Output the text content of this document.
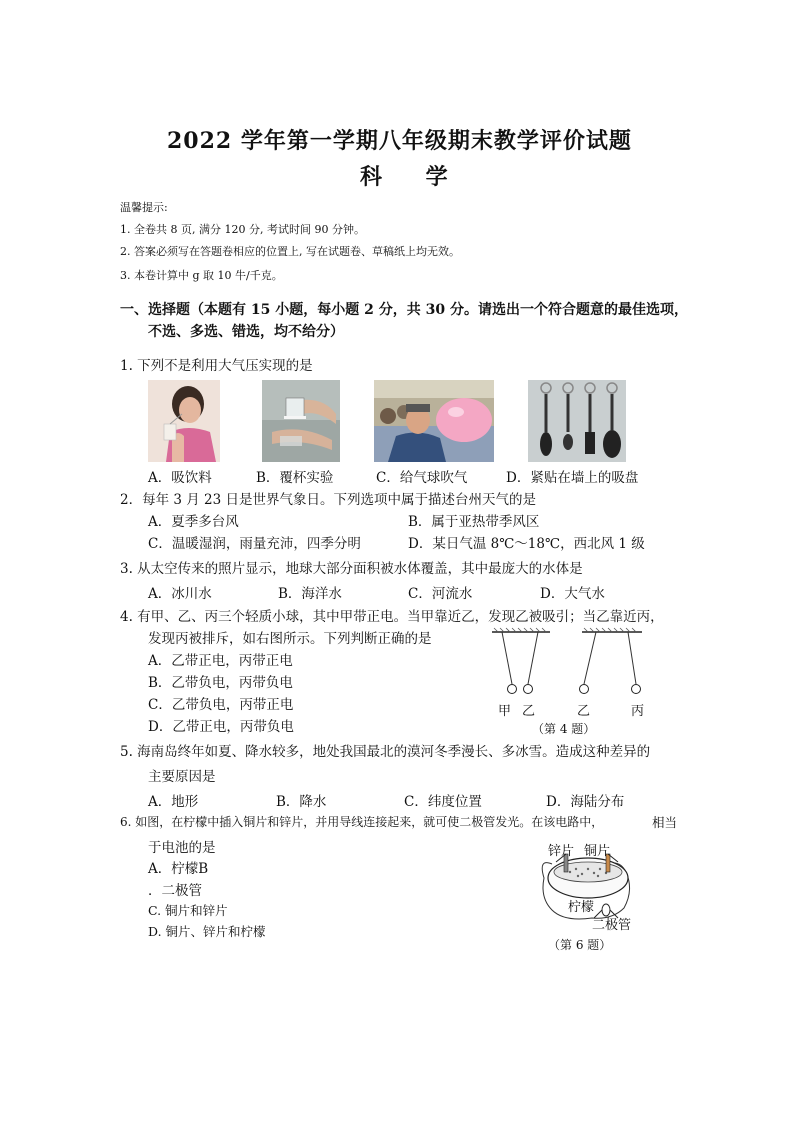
2022 学年第一学期八年级期末教学评价试题
科 学
温馨提示:
1. 全卷共 8 页, 满分 120 分, 考试时间 90 分钟。
2. 答案必须写在答题卷相应的位置上, 写在试题卷、草稿纸上均无效。
3. 本卷计算中 g 取 10 牛/千克。
一、选择题（本题有 15 小题，每小题 2 分，共 30 分。请选出一个符合题意的最佳选项，
不选、多选、错选，均不给分）
1. 下列不是利用大气压实现的是
A．吸饮料	B．覆杯实验	C．给气球吹气	D．紧贴在墙上的吸盘
2．每年 3 月 23 日是世界气象日。下列选项中属于描述台州天气的是
A．夏季多台风	B．属于亚热带季风区
C．温暖湿润，雨量充沛，四季分明	D．某日气温 8℃～18℃，西北风 1 级
3. 从太空传来的照片显示，地球大部分面积被水体覆盖，其中最庞大的水体是
A．冰川水	B．海洋水	C．河流水	D．大气水
4. 有甲、乙、丙三个轻质小球，其中甲带正电。当甲靠近乙，发现乙被吸引；当乙靠近丙，
发现丙被排斥，如右图所示。下列判断正确的是
A．乙带正电，丙带正电
B．乙带负电，丙带负电
C．乙带负电，丙带正电
D．乙带正电，丙带负电
甲 乙	乙	丙
（第 4 题）
5. 海南岛终年如夏、降水较多，地处我国最北的漠河冬季漫长、多冰雪。造成这种差异的
主要原因是
A．地形	B．降水	C．纬度位置	D．海陆分布
6. 如图，在柠檬中插入铜片和锌片，并用导线连接起来，就可使二极管发光。在该电路中，	相当
于电池的是
A．柠檬B
．二极管
C. 铜片和锌片
D. 铜片、锌片和柠檬
锌片 铜片
柠檬
二极管
（第 6 题）
